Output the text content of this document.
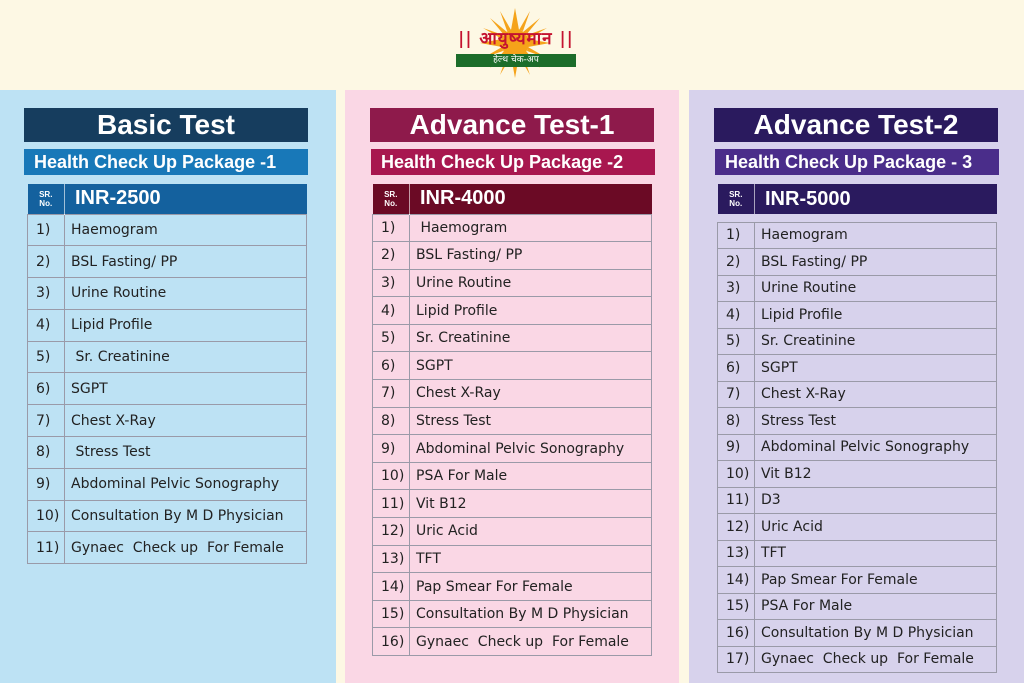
|| आयुष्यमान ||
हेल्थ चेक-अप
Basic Test
Health Check Up Package -1
SR.
No.	INR-2500
1)	Haemogram
2)	BSL Fasting/ PP
3)	Urine Routine
4)	Lipid Profile
5)	Sr. Creatinine
6)	SGPT
7)	Chest X-Ray
8)	Stress Test
9)	Abdominal Pelvic Sonography
10)	Consultation By M D Physician
11)	Gynaec  Check up  For Female
Advance Test-1
Health Check Up Package -2
SR.
No.	INR-4000
1)	Haemogram
2)	BSL Fasting/ PP
3)	Urine Routine
4)	Lipid Profile
5)	Sr. Creatinine
6)	SGPT
7)	Chest X-Ray
8)	Stress Test
9)	Abdominal Pelvic Sonography
10)	PSA For Male
11)	Vit B12
12)	Uric Acid
13)	TFT
14)	Pap Smear For Female
15)	Consultation By M D Physician
16)	Gynaec  Check up  For Female
Advance Test-2
Health Check Up Package - 3
SR.
No.	INR-5000

1)	Haemogram
2)	BSL Fasting/ PP
3)	Urine Routine
4)	Lipid Profile
5)	Sr. Creatinine
6)	SGPT
7)	Chest X-Ray
8)	Stress Test
9)	Abdominal Pelvic Sonography
10)	Vit B12
11)	D3
12)	Uric Acid
13)	TFT
14)	Pap Smear For Female
15)	PSA For Male
16)	Consultation By M D Physician
17)	Gynaec  Check up  For Female
